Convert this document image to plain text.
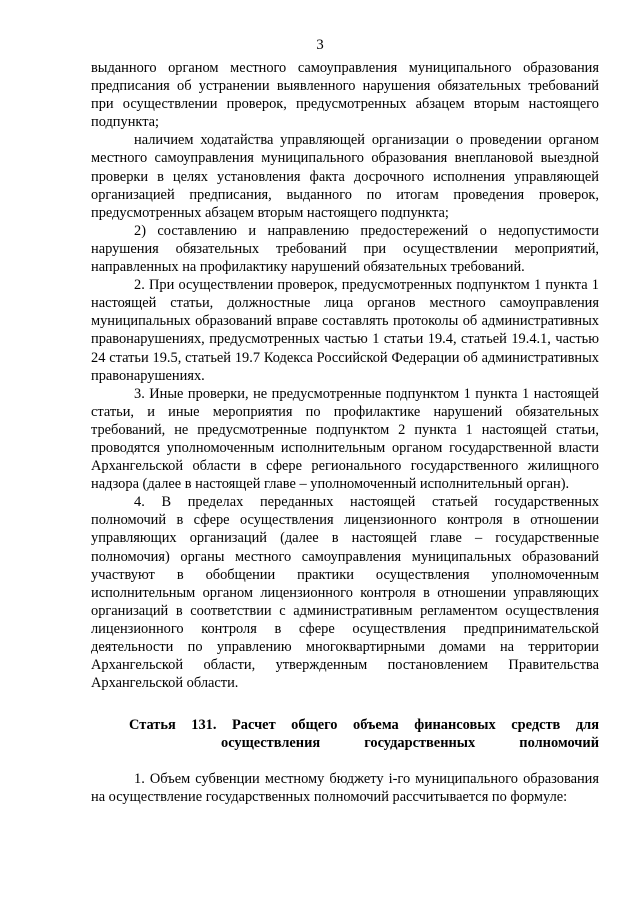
3

выданного органом местного самоуправления муниципального образования предписания об устранении выявленного нарушения обязательных требований при осуществлении проверок, предусмотренных абзацем вторым настоящего подпункта;

наличием ходатайства управляющей организации о проведении органом местного самоуправления муниципального образования внеплановой выездной проверки в целях установления факта досрочного исполнения управляющей организацией предписания, выданного по итогам проведения проверок, предусмотренных абзацем вторым настоящего подпункта;

2) составлению и направлению предостережений о недопустимости нарушения обязательных требований при осуществлении мероприятий, направленных на профилактику нарушений обязательных требований.

2. При осуществлении проверок, предусмотренных подпунктом 1 пункта 1 настоящей статьи, должностные лица органов местного самоуправления муниципальных образований вправе составлять протоколы об административных правонарушениях, предусмотренных частью 1 статьи 19.4, статьей 19.4.1, частью 24 статьи 19.5, статьей 19.7 Кодекса Российской Федерации об административных правонарушениях.

3. Иные проверки, не предусмотренные подпунктом 1 пункта 1 настоящей статьи, и иные мероприятия по профилактике нарушений обязательных требований, не предусмотренные подпунктом 2 пункта 1 настоящей статьи, проводятся уполномоченным исполнительным органом государственной власти Архангельской области в сфере регионального государственного жилищного надзора (далее в настоящей главе – уполномоченный исполнительный орган).

4. В пределах переданных настоящей статьей государственных полномочий в сфере осуществления лицензионного контроля в отношении управляющих организаций (далее в настоящей главе – государственные полномочия) органы местного самоуправления муниципальных образований участвуют в обобщении практики осуществления уполномоченным исполнительным органом лицензионного контроля в отношении управляющих организаций в соответствии с административным регламентом осуществления лицензионного контроля в сфере осуществления предпринимательской деятельности по управлению многоквартирными домами на территории Архангельской области, утвержденным постановлением Правительства Архангельской области.

Статья 131. Расчет общего объема финансовых средств для
осуществления государственных полномочий

1. Объем субвенции местному бюджету i-го муниципального образования на осуществление государственных полномочий рассчитывается по формуле:
